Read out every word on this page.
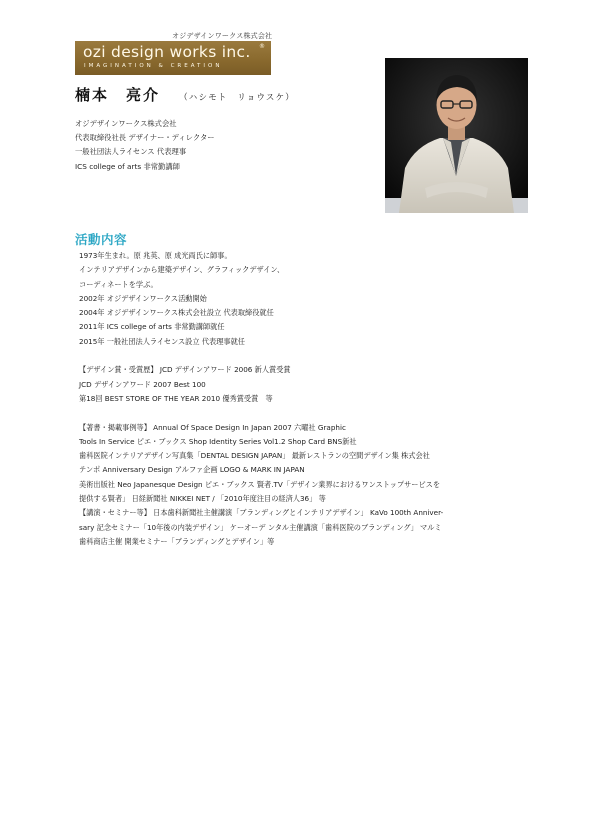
オジデザインワークス株式会社
ozi design works inc. ®
IMAGINATION & CREATION
楠本　亮介 （ハシモト　リョウスケ）
オジデザインワークス株式会社
代表取締役社長 デザイナー・ディレクター
一般社団法人ライセンス 代表理事
ICS college of arts 非常勤講師
活動内容
1973年生まれ。原 兆英、原 成光両氏に師事。
インテリアデザインから建築デザイン、グラフィックデザイン、
コーディネートを学ぶ。
2002年 オジデザインワークス活動開始
2004年 オジデザインワークス株式会社設立 代表取締役就任
2011年 ICS college of arts 非常勤講師就任
2015年 一般社団法人ライセンス設立 代表理事就任
【デザイン賞・受賞歴】 JCD デザインアワード 2006 新人賞受賞
JCD デザインアワード 2007 Best 100
第18回 BEST STORE OF THE YEAR 2010 優秀賞受賞　等
【著書・掲載事例等】 Annual Of Space Design In Japan 2007 六曜社 Graphic
Tools In Service ピエ・ブックス Shop Identity Series Vol1.2 Shop Card BNS新社
歯科医院インテリアデザイン写真集「DENTAL DESIGN JAPAN」 最新レストランの空間デザイン集 株式会社
テンポ Anniversary Design アルファ企画 LOGO & MARK IN JAPAN
美術出版社 Neo Japanesque Design ピエ・ブックス 賢者.TV「デザイン業界におけるワンストップサービスを
提供する賢者」 日経新聞社 NIKKEI NET / 「2010年度注目の経済人36」 等
【講演・セミナー等】 日本歯科新聞社主催講演「ブランディングとインテリアデザイン」 KaVo 100th Anniver-
sary 記念セミナー「10年後の内装デザイン」 ケーオーデ ンタル主催講演「歯科医院のブランディング」 マルミ
歯科商店主催 開業セミナー「ブランディングとデザイン」等
